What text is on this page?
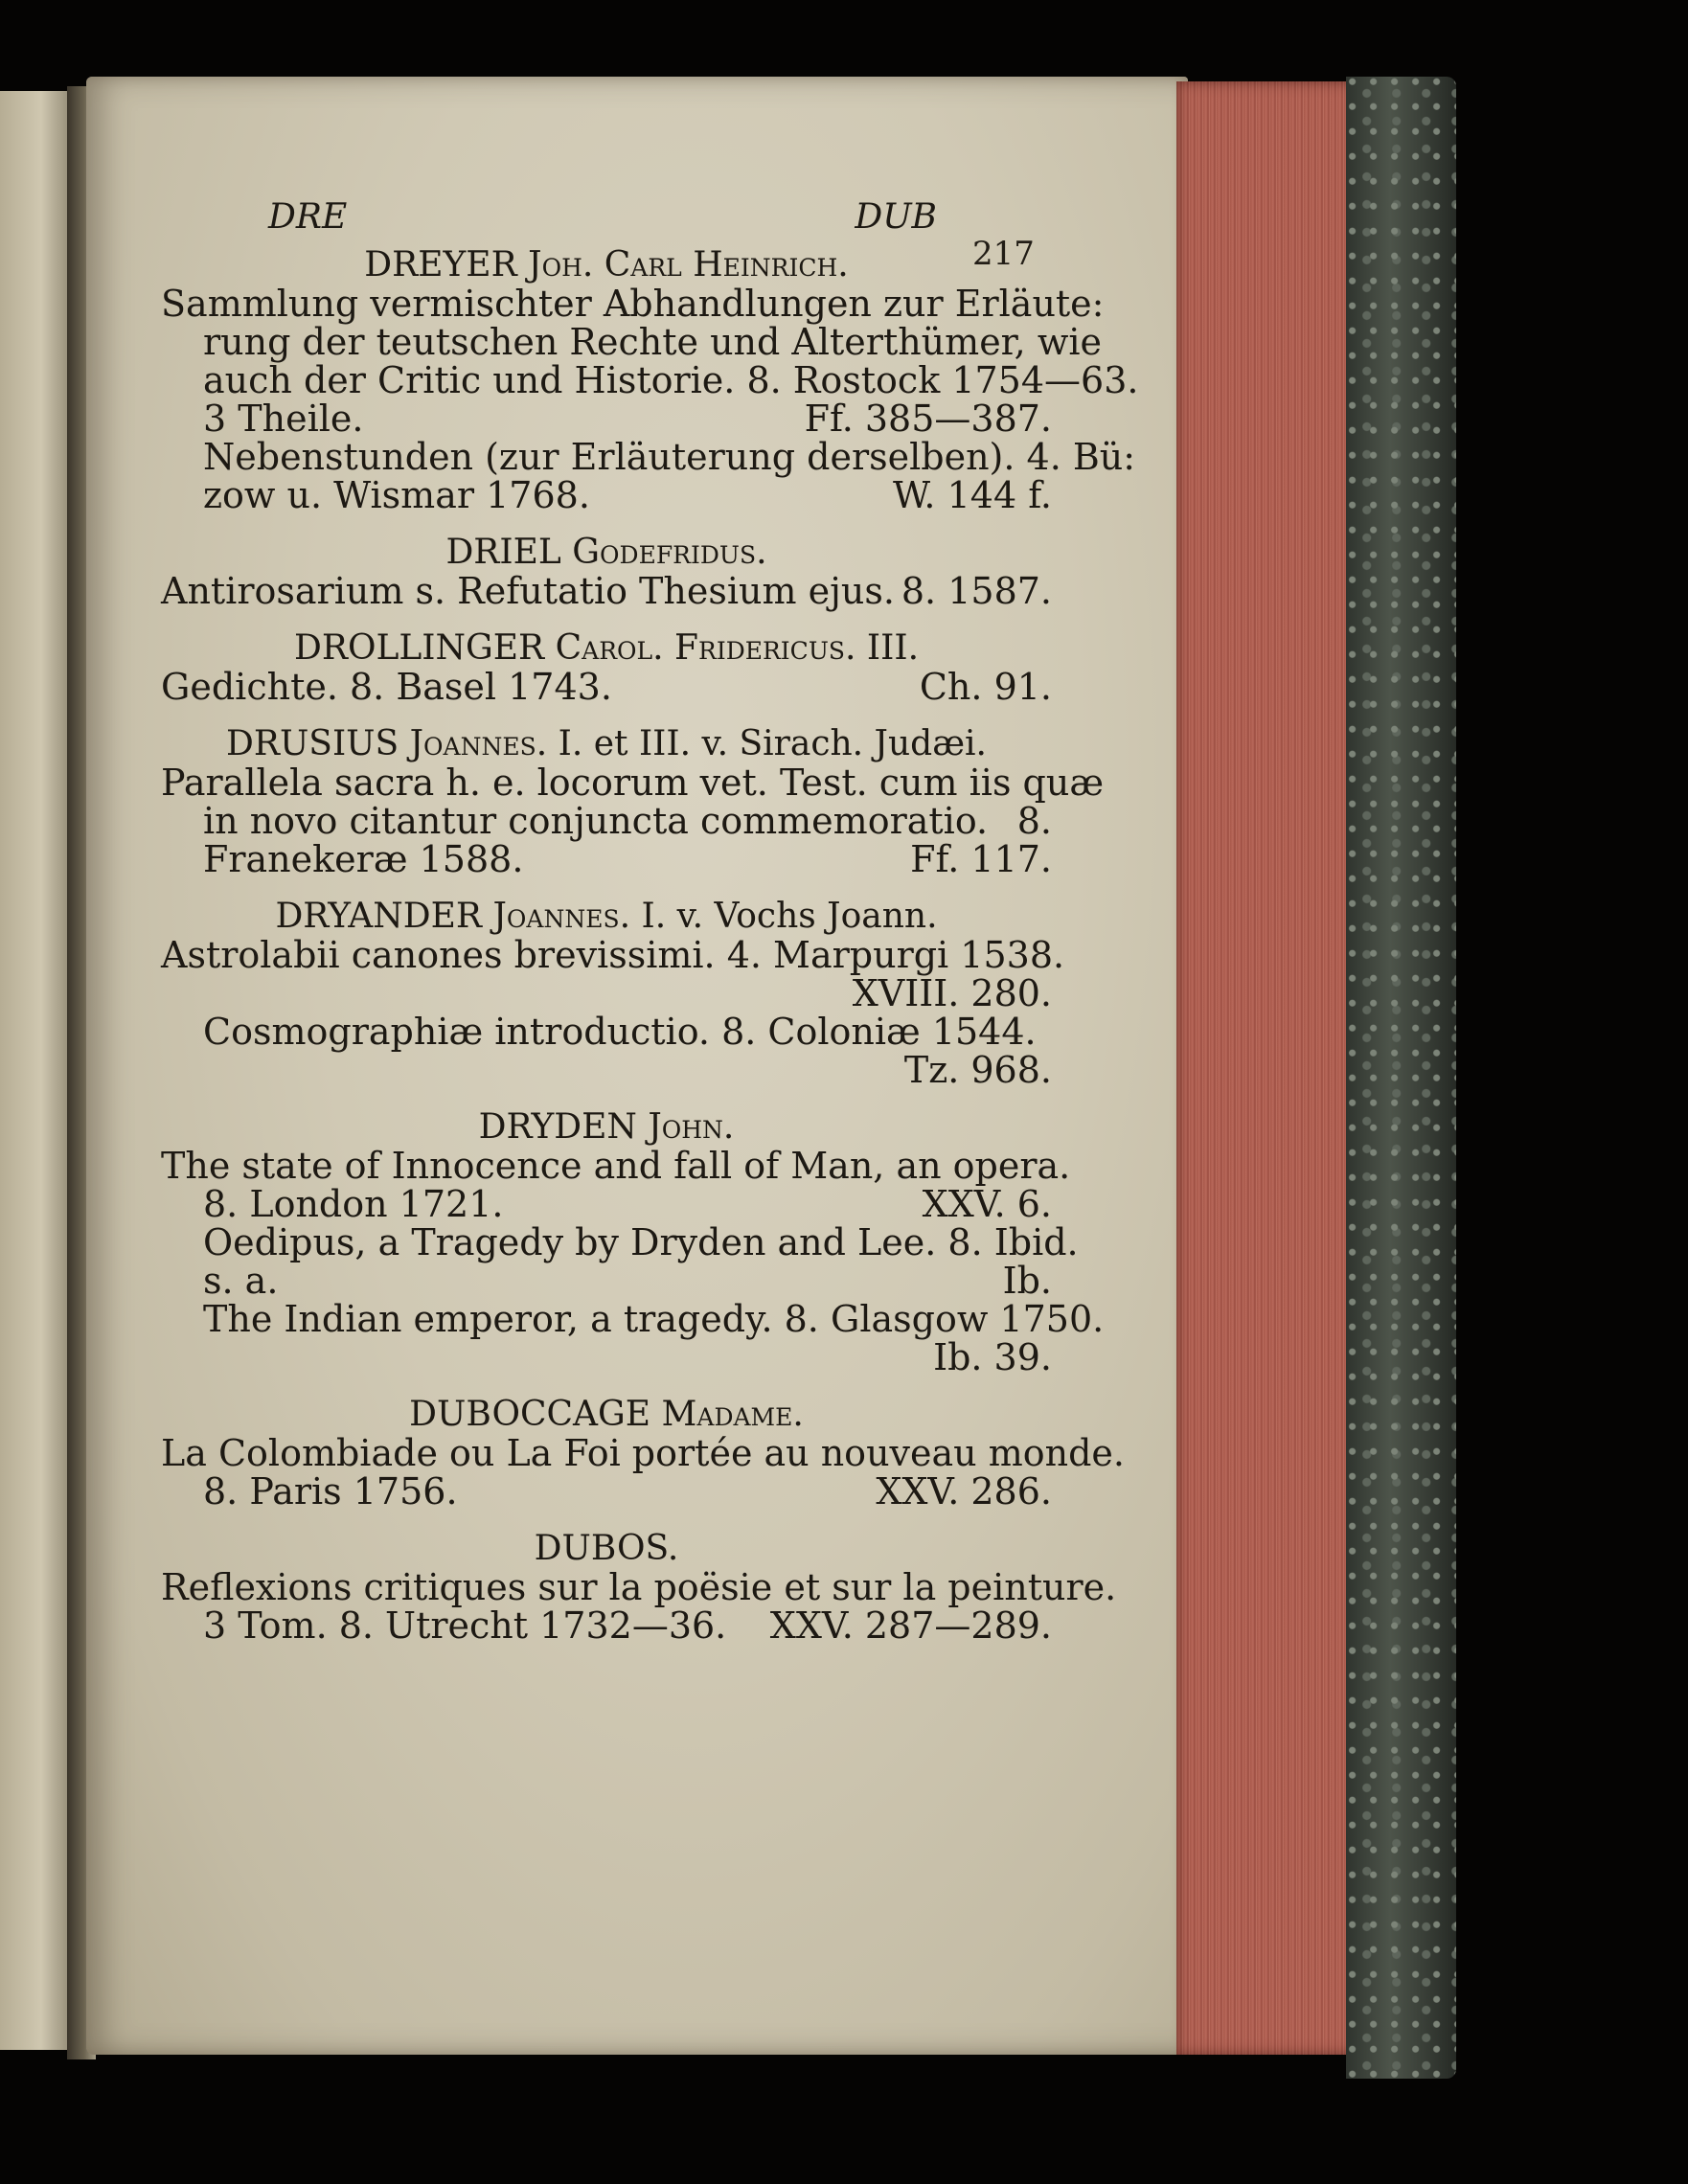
217
DRE	DUB
DREYER Joh. Carl Heinrich.
Sammlung vermischter Abhandlungen zur Erläute:
rung der teutschen Rechte und Alterthümer, wie
auch der Critic und Historie. 8. Rostock 1754—63.
3 Theile.	Ff. 385—387.
Nebenstunden (zur Erläuterung derselben). 4. Bü:
zow u. Wismar 1768.	W. 144 f.
DRIEL Godefridus.
Antirosarium s. Refutatio Thesium ejus. 8. 1587.
DROLLINGER Carol. Fridericus. III.
Gedichte. 8. Basel 1743.	Ch. 91.
DRUSIUS Joannes. I. et III. v. Sirach. Judæi.
Parallela sacra h. e. locorum vet. Test. cum iis quæ
in novo citantur conjuncta commemoratio. 8.
Franekeræ 1588.	Ff. 117.
DRYANDER Joannes. I. v. Vochs Joann.
Astrolabii canones brevissimi. 4. Marpurgi 1538.
XVIII. 280.
Cosmographiæ introductio. 8. Coloniæ 1544.
Tz. 968.
DRYDEN John.
The state of Innocence and fall of Man, an opera.
8. London 1721.	XXV. 6.
Oedipus, a Tragedy by Dryden and Lee. 8. Ibid.
s. a.	Ib.
The Indian emperor, a tragedy. 8. Glasgow 1750.
Ib. 39.
DUBOCCAGE Madame.
La Colombiade ou La Foi portée au nouveau monde.
8. Paris 1756.	XXV. 286.
DUBOS.
Reflexions critiques sur la poësie et sur la peinture.
3 Tom. 8. Utrecht 1732—36. XXV. 287—289.
